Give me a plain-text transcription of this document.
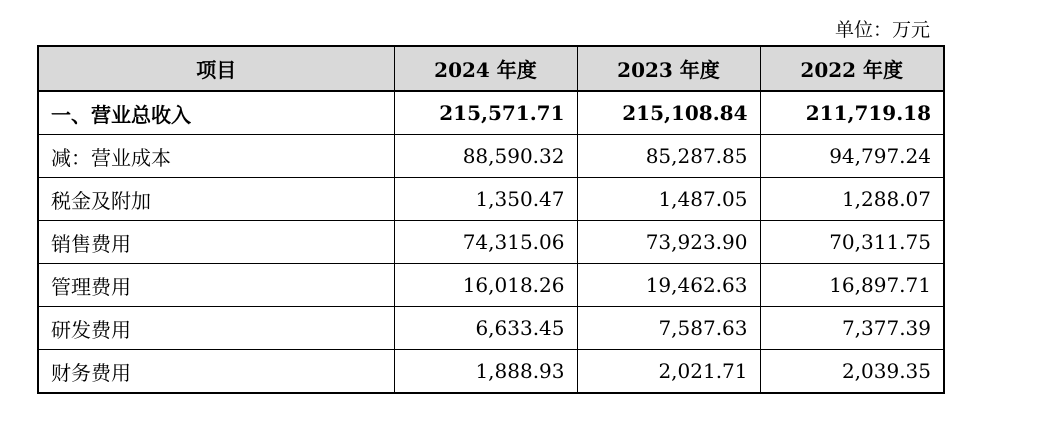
单位：万元
项目	2024 年度	2023 年度	2022 年度
一、营业总收入	215,571.71	215,108.84	211,719.18
减：营业成本	88,590.32	85,287.85	94,797.24
税金及附加	1,350.47	1,487.05	1,288.07
销售费用	74,315.06	73,923.90	70,311.75
管理费用	16,018.26	19,462.63	16,897.71
研发费用	6,633.45	7,587.63	7,377.39
财务费用	1,888.93	2,021.71	2,039.35
